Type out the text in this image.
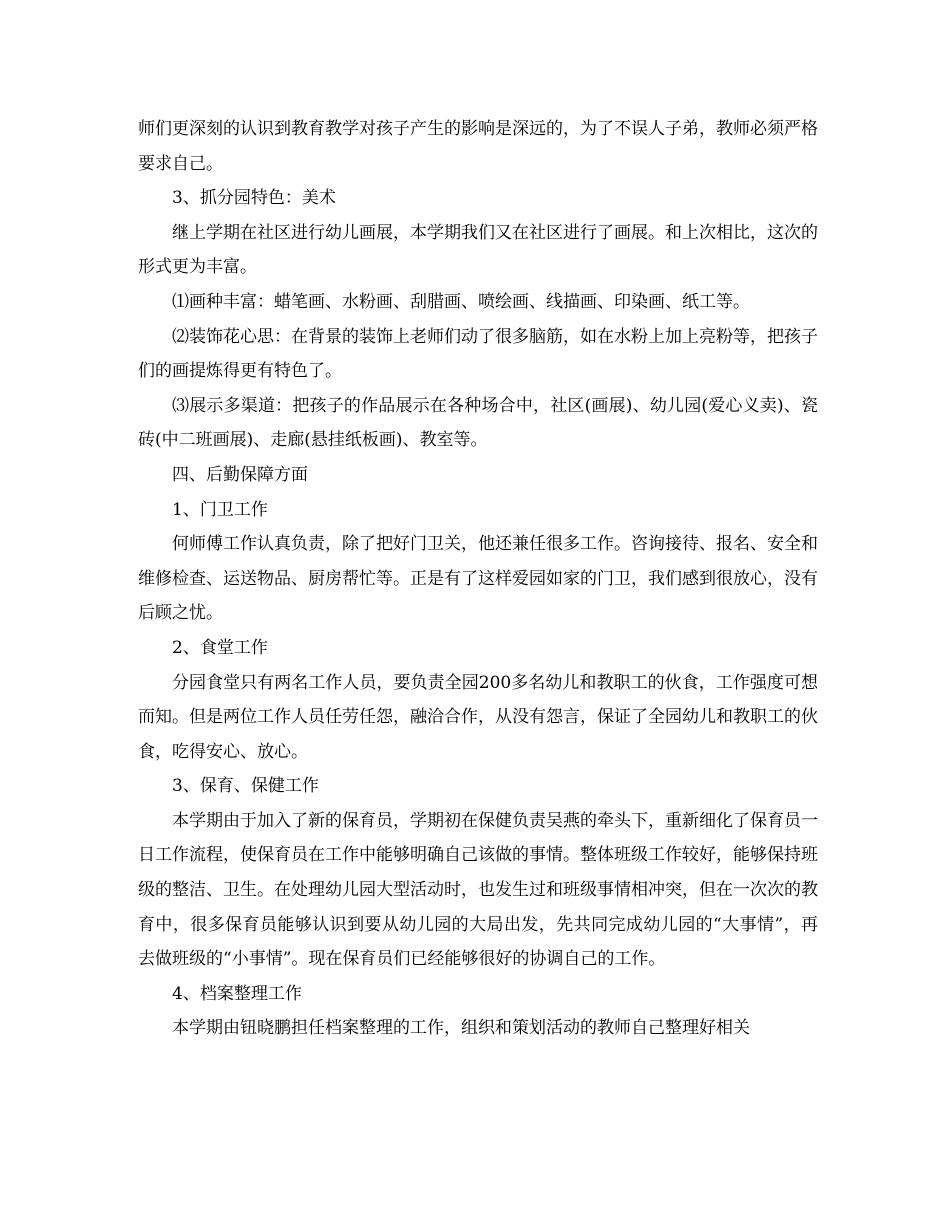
师们更深刻的认识到教育教学对孩子产生的影响是深远的，为了不误人子弟，教师必须严格要求自己。

3、抓分园特色：美术

继上学期在社区进行幼儿画展，本学期我们又在社区进行了画展。和上次相比，这次的形式更为丰富。

⑴画种丰富：蜡笔画、水粉画、刮腊画、喷绘画、线描画、印染画、纸工等。

⑵装饰花心思：在背景的装饰上老师们动了很多脑筋，如在水粉上加上亮粉等，把孩子们的画提炼得更有特色了。

⑶展示多渠道：把孩子的作品展示在各种场合中，社区(画展)、幼儿园(爱心义卖)、瓷砖(中二班画展)、走廊(悬挂纸板画)、教室等。

四、后勤保障方面

1、门卫工作

何师傅工作认真负责，除了把好门卫关，他还兼任很多工作。咨询接待、报名、安全和维修检查、运送物品、厨房帮忙等。正是有了这样爱园如家的门卫，我们感到很放心，没有后顾之忧。

2、食堂工作

分园食堂只有两名工作人员，要负责全园200多名幼儿和教职工的伙食，工作强度可想而知。但是两位工作人员任劳任怨，融洽合作，从没有怨言，保证了全园幼儿和教职工的伙食，吃得安心、放心。

3、保育、保健工作

本学期由于加入了新的保育员，学期初在保健负责吴燕的牵头下，重新细化了保育员一日工作流程，使保育员在工作中能够明确自己该做的事情。整体班级工作较好，能够保持班级的整洁、卫生。在处理幼儿园大型活动时，也发生过和班级事情相冲突，但在一次次的教育中，很多保育员能够认识到要从幼儿园的大局出发，先共同完成幼儿园的“大事情”，再去做班级的“小事情”。现在保育员们已经能够很好的协调自己的工作。

4、档案整理工作

本学期由钮晓鹏担任档案整理的工作，组织和策划活动的教师自己整理好相关
